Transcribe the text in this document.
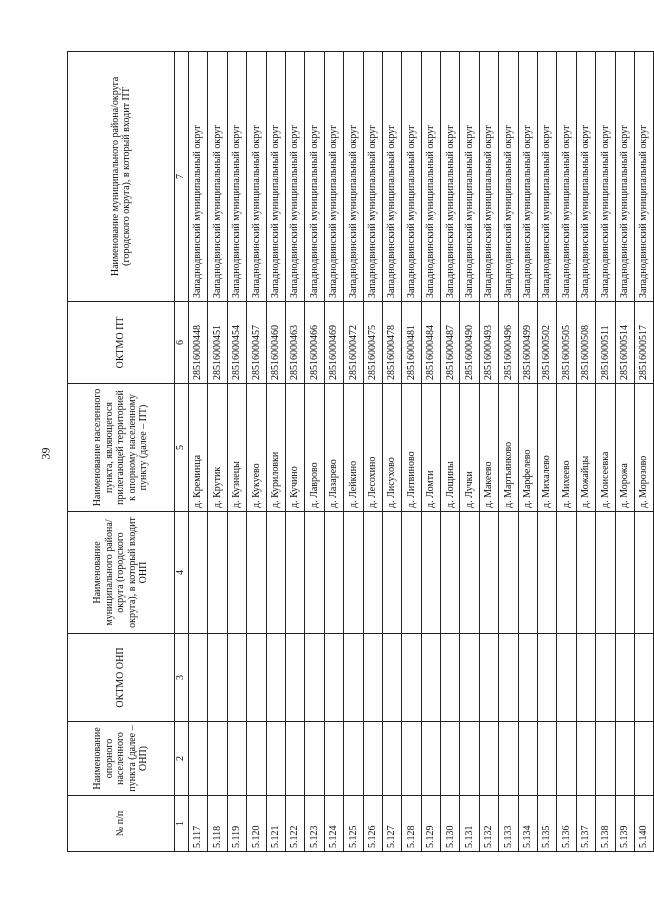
39
№ п/п	Наименование опорного населенного пункта (далее – ОНП)	ОКТМО ОНП	Наименование муниципального района/округа (городского округа), в который входит ОНП	Наименование населенного пункта, являющегося прилегающей территорией к опорному населенному пункту (далее – ПТ)	ОКТМО ПТ	Наименование муниципального района/округа (городского округа), в который входит ПТ
1	2	3	4	5	6	7
5.117				д. Креминца	28516000448	Западнодвинский муниципальный округ
5.118				д. Крутик	28516000451	Западнодвинский муниципальный округ
5.119				д. Кузнецы	28516000454	Западнодвинский муниципальный округ
5.120				д. Кукуево	28516000457	Западнодвинский муниципальный округ
5.121				д. Куриловки	28516000460	Западнодвинский муниципальный округ
5.122				д. Кучино	28516000463	Западнодвинский муниципальный округ
5.123				д. Лаврово	28516000466	Западнодвинский муниципальный округ
5.124				д. Лазарево	28516000469	Западнодвинский муниципальный округ
5.125				д. Лейкино	28516000472	Западнодвинский муниципальный округ
5.126				д. Лесохино	28516000475	Западнодвинский муниципальный округ
5.127				д. Лисухово	28516000478	Западнодвинский муниципальный округ
5.128				д. Литвиново	28516000481	Западнодвинский муниципальный округ
5.129				д. Ломти	28516000484	Западнодвинский муниципальный округ
5.130				д. Лощины	28516000487	Западнодвинский муниципальный округ
5.131				д. Лучки	28516000490	Западнодвинский муниципальный округ
5.132				д. Макеево	28516000493	Западнодвинский муниципальный округ
5.133				д. Мартьянково	28516000496	Западнодвинский муниципальный округ
5.134				д. Марфелево	28516000499	Западнодвинский муниципальный округ
5.135				д. Михалево	28516000502	Западнодвинский муниципальный округ
5.136				д. Михеево	28516000505	Западнодвинский муниципальный округ
5.137				д. Можайцы	28516000508	Западнодвинский муниципальный округ
5.138				д. Моисеевка	28516000511	Западнодвинский муниципальный округ
5.139				д. Морожа	28516000514	Западнодвинский муниципальный округ
5.140				д. Морозово	28516000517	Западнодвинский муниципальный округ
